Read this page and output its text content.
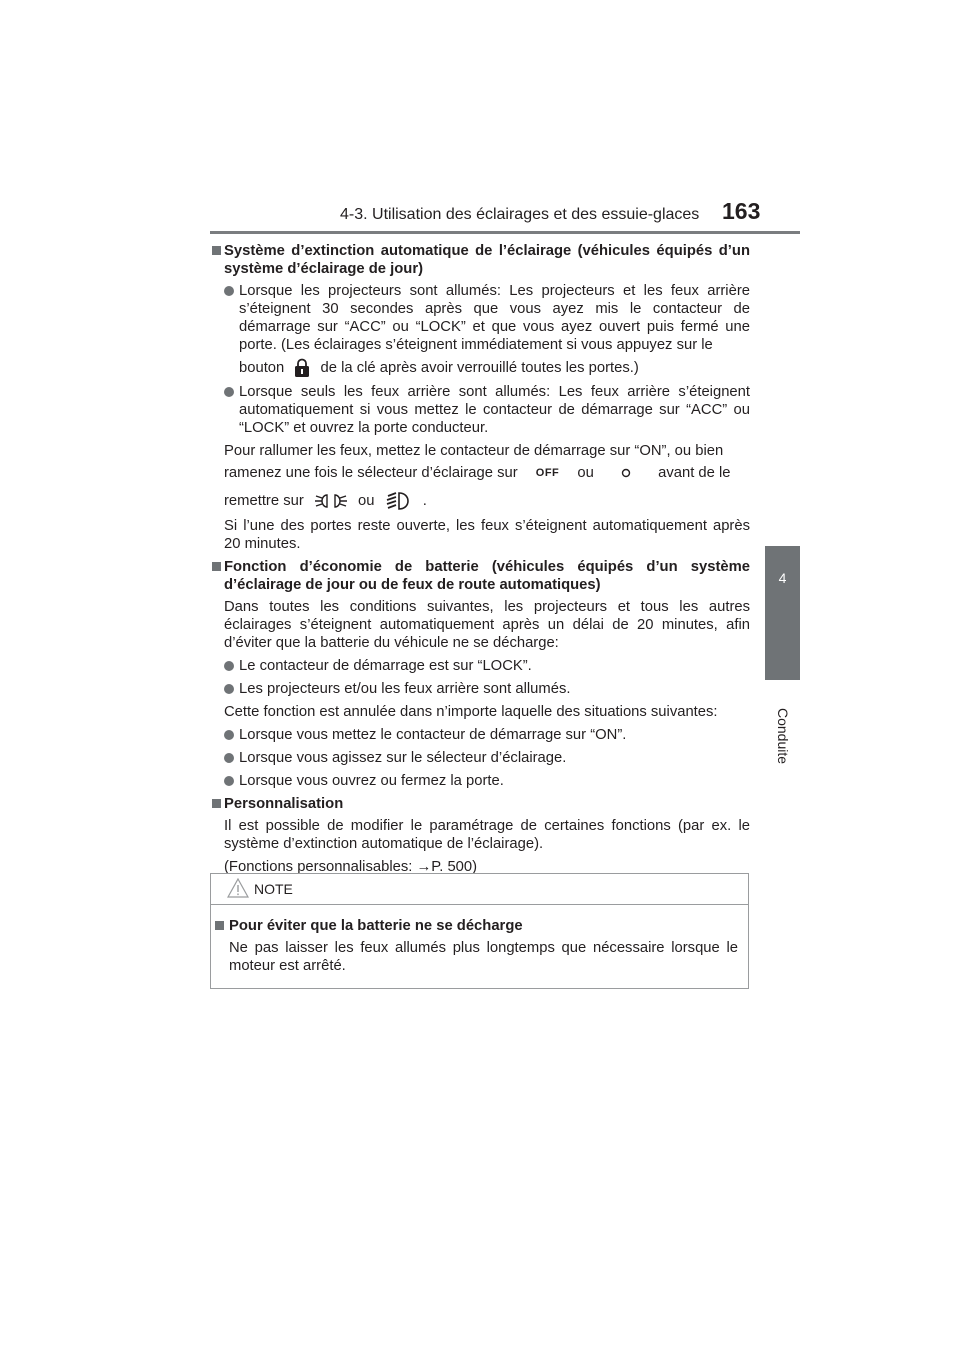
4-3. Utilisation des éclairages et des essuie-glaces 163
4
Conduite
Système d’extinction automatique de l’éclairage (véhicules équipés d’un système d’éclairage de jour)
Lorsque les projecteurs sont allumés: Les projecteurs et les feux arrière s’éteignent 30 secondes après que vous ayez mis le contacteur de démarrage sur “ACC” ou “LOCK” et que vous ayez ouvert puis fermé une porte. (Les éclairages s’éteignent immédiatement si vous appuyez sur le
bouton de la clé après avoir verrouillé toutes les portes.)
Lorsque seuls les feux arrière sont allumés: Les feux arrière s’éteignent automatiquement si vous mettez le contacteur de démarrage sur “ACC” ou “LOCK” et ouvrez la porte conducteur.
Pour rallumer les feux, mettez le contacteur de démarrage sur “ON”, ou bien
ramenez une fois le sélecteur d’éclairage sur OFF ou	avant de le
remettre sur	ou	.
Si l’une des portes reste ouverte, les feux s’éteignent automatiquement après 20 minutes.
Fonction d’économie de batterie (véhicules équipés d’un système d’éclairage de jour ou de feux de route automatiques)
Dans toutes les conditions suivantes, les projecteurs et tous les autres éclairages s’éteignent automatiquement après un délai de 20 minutes, afin d’éviter que la batterie du véhicule ne se décharge:
Le contacteur de démarrage est sur “LOCK”.
Les projecteurs et/ou les feux arrière sont allumés.
Cette fonction est annulée dans n’importe laquelle des situations suivantes:
Lorsque vous mettez le contacteur de démarrage sur “ON”.
Lorsque vous agissez sur le sélecteur d’éclairage.
Lorsque vous ouvrez ou fermez la porte.
Personnalisation
Il est possible de modifier le paramétrage de certaines fonctions (par ex. le système d’extinction automatique de l’éclairage).
(Fonctions personnalisables: →P. 500)
NOTE
Pour éviter que la batterie ne se décharge
Ne pas laisser les feux allumés plus longtemps que nécessaire lorsque le moteur est arrêté.
